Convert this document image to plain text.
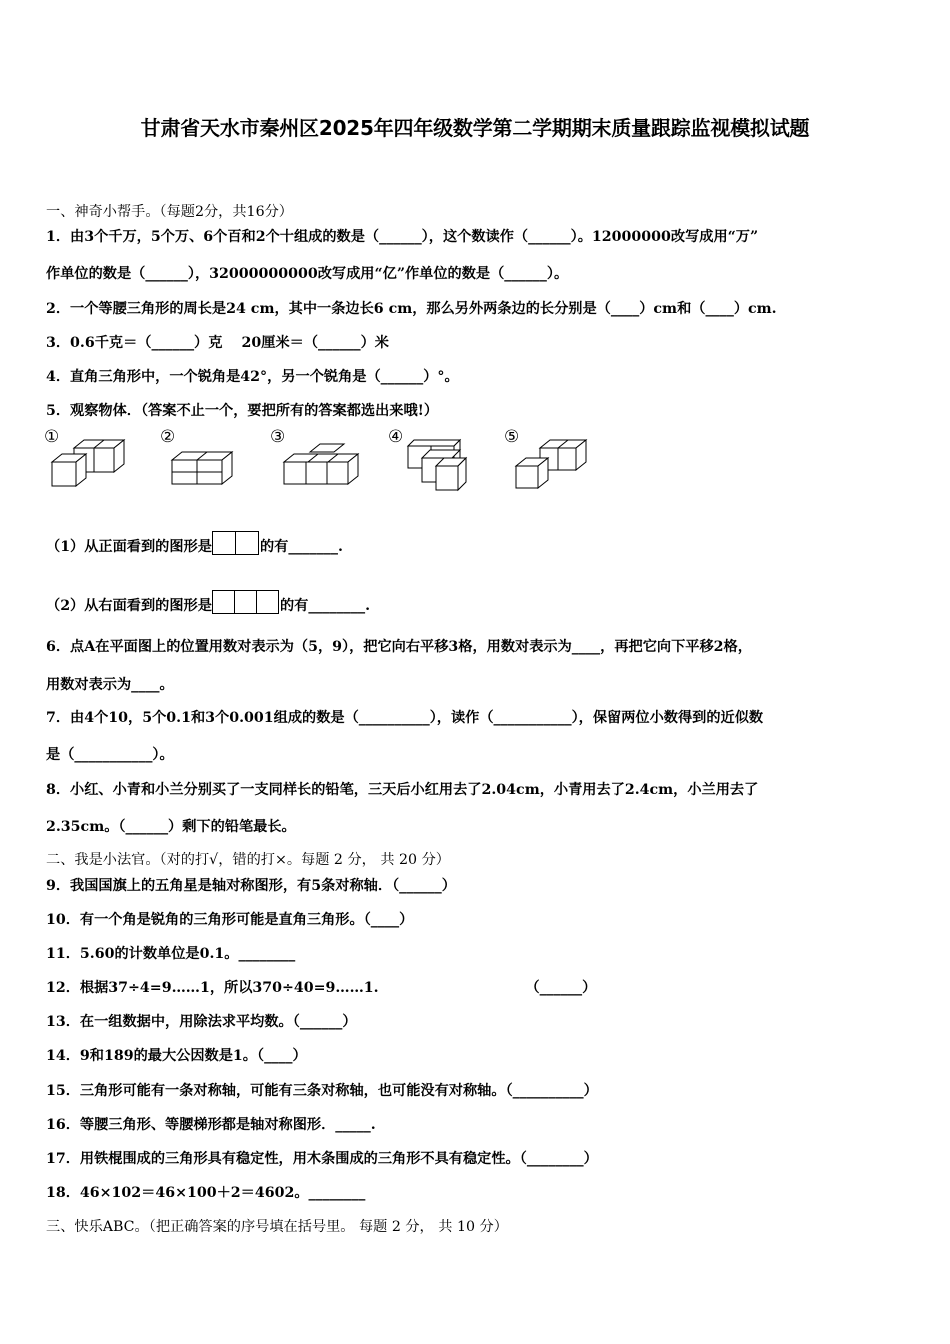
甘肃省天水市秦州区2025年四年级数学第二学期期末质量跟踪监视模拟试题
一、神奇小帮手。（每题2分，共16分）
1．由3个千万，5个万、6个百和2个十组成的数是（______），这个数读作（______）。12000000改写成用“万”
作单位的数是（______），32000000000改写成用“亿”作单位的数是（______）。
2．一个等腰三角形的周长是24 cm，其中一条边长6 cm，那么另外两条边的长分别是（____）cm和（____）cm.
3．0.6千克＝（______）克　 20厘米＝（______）米
4．直角三角形中，一个锐角是42°，另一个锐角是（______）°。
5．观察物体．（答案不止一个，要把所有的答案都选出来哦!）
①	②	③	④	⑤
（1）从正面看到的图形是	的有_______.
（2）从右面看到的图形是	的有________.
6．点A在平面图上的位置用数对表示为（5，9），把它向右平移3格，用数对表示为____，再把它向下平移2格，
用数对表示为____。
7．由4个10，5个0.1和3个0.001组成的数是（__________），读作（___________），保留两位小数得到的近似数
是（___________）。
8．小红、小青和小兰分别买了一支同样长的铅笔，三天后小红用去了2.04cm，小青用去了2.4cm，小兰用去了
2.35cm。（______）剩下的铅笔最长。
二、我是小法官。（对的打√，错的打×。每题 2 分， 共 20 分）
9．我国国旗上的五角星是轴对称图形，有5条对称轴．（______）
10．有一个角是锐角的三角形可能是直角三角形。（____）
11．5.60的计数单位是0.1。________
12．根据37÷4=9……1，所以370÷40=9……1.　　　　　　　　　　 （______）
13．在一组数据中，用除法求平均数。（______）
14．9和189的最大公因数是1。（____）
15．三角形可能有一条对称轴，可能有三条对称轴，也可能没有对称轴。（__________）
16．等腰三角形、等腰梯形都是轴对称图形．_____.
17．用铁棍围成的三角形具有稳定性，用木条围成的三角形不具有稳定性。（________）
18．46×102＝46×100＋2＝4602。________
三、快乐ABC。（把正确答案的序号填在括号里。 每题 2 分， 共 10 分）
